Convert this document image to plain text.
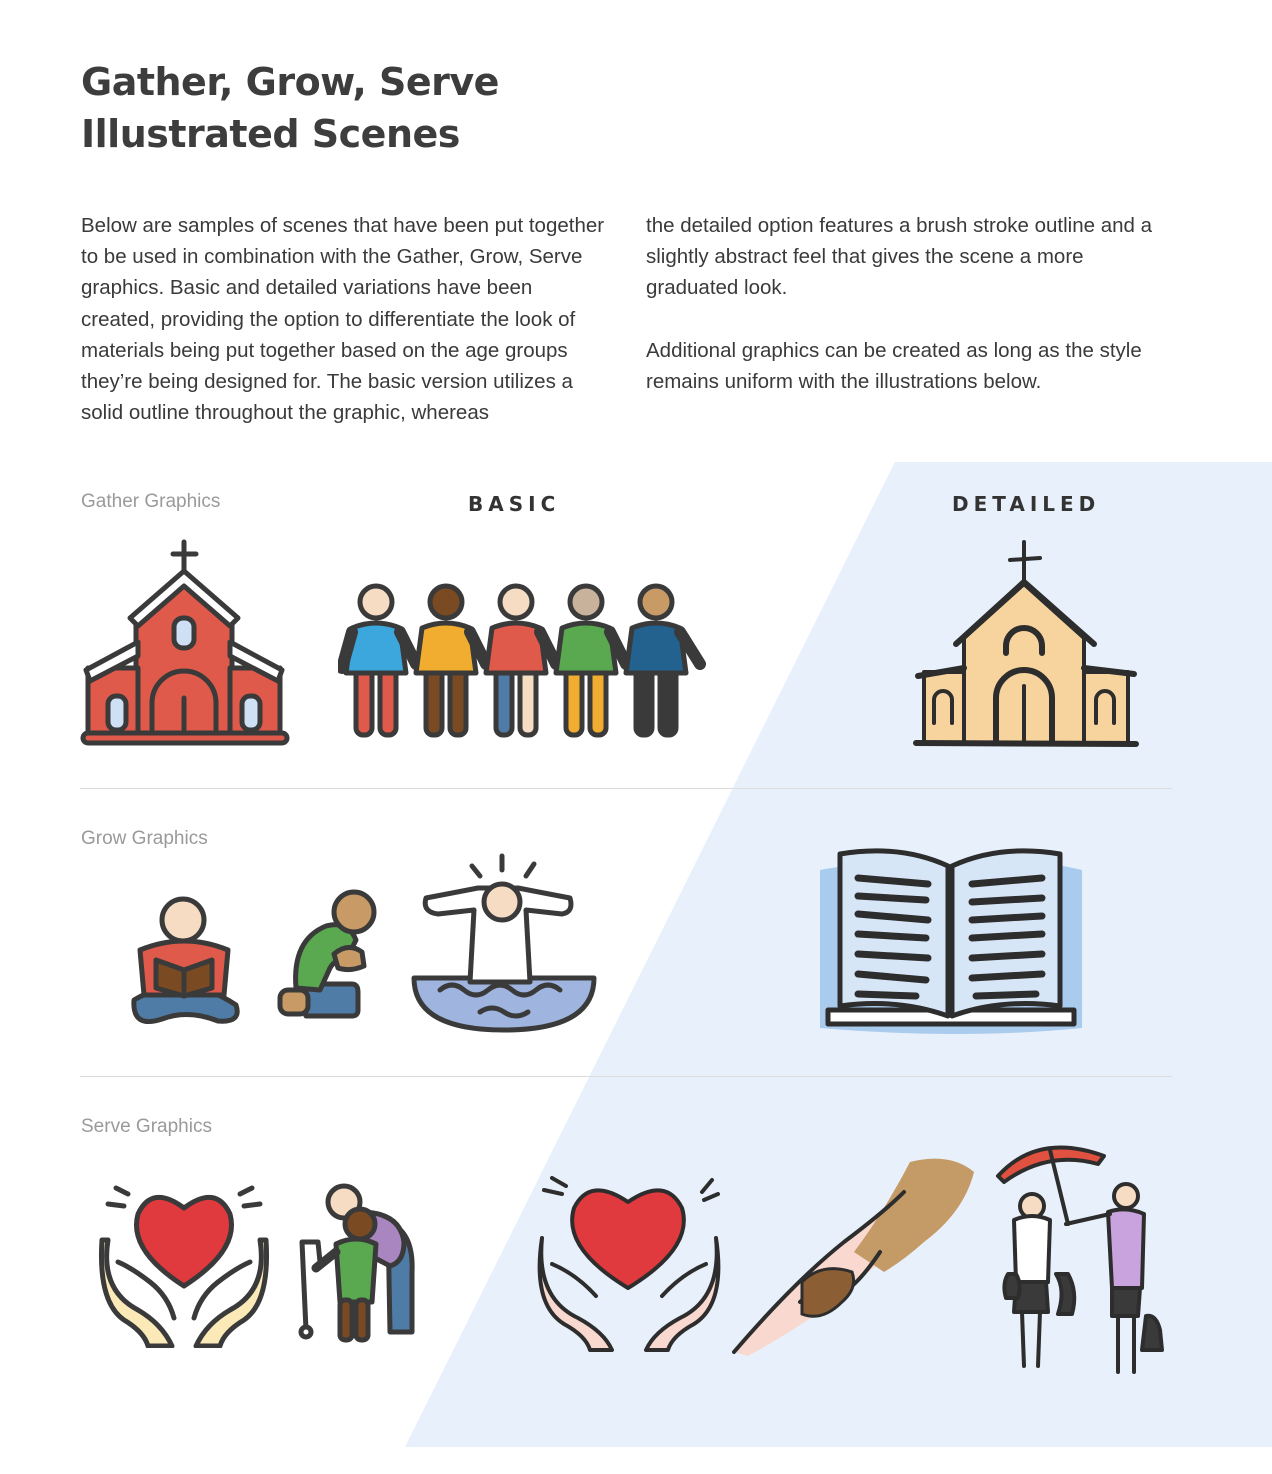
Gather, Grow, Serve
Illustrated Scenes

Below are samples of scenes that have been put together to be used in combination with the Gather, Grow, Serve graphics. Basic and detailed variations have been created, providing the option to differentiate the look of materials being put together based on the age groups they’re being designed for. The basic version utilizes a solid outline throughout the graphic, whereas

the detailed option features a brush stroke outline and a slightly abstract feel that gives the scene a more graduated look.

Additional graphics can be created as long as the style remains uniform with the illustrations below.

BASIC	DETAILED
Gather Graphics
Grow Graphics
Serve Graphics
